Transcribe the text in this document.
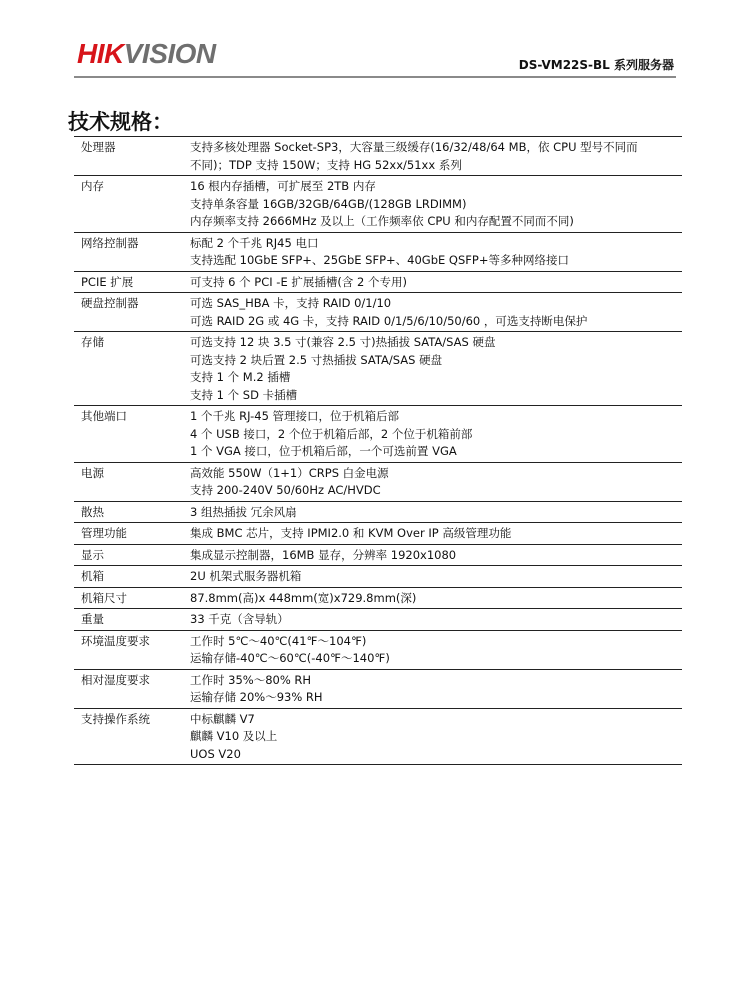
HIKVISION	DS-VM22S-BL 系列服务器
技术规格：
处理器	支持多核处理器 Socket-SP3，大容量三级缓存(16/32/48/64 MB，依 CPU 型号不同而
不同)；TDP 支持 150W；支持 HG 52xx/51xx 系列
内存	16 根内存插槽，可扩展至 2TB 内存
支持单条容量 16GB/32GB/64GB/(128GB LRDIMM)
内存频率支持 2666MHz 及以上（工作频率依 CPU 和内存配置不同而不同)
网络控制器	标配 2 个千兆 RJ45 电口
支持选配 10GbE SFP+、25GbE SFP+、40GbE QSFP+等多种网络接口
PCIE 扩展	可支持 6 个 PCI -E 扩展插槽(含 2 个专用)
硬盘控制器	可选 SAS_HBA 卡，支持 RAID 0/1/10
可选 RAID 2G 或 4G 卡，支持 RAID 0/1/5/6/10/50/60 ，可选支持断电保护
存储	可选支持 12 块 3.5 寸(兼容 2.5 寸)热插拔 SATA/SAS 硬盘
可选支持 2 块后置 2.5 寸热插拔 SATA/SAS 硬盘
支持 1 个 M.2 插槽
支持 1 个 SD 卡插槽
其他端口	1 个千兆 RJ-45 管理接口，位于机箱后部
4 个 USB 接口，2 个位于机箱后部，2 个位于机箱前部
1 个 VGA 接口，位于机箱后部，一个可选前置 VGA
电源	高效能 550W（1+1）CRPS 白金电源
支持 200-240V 50/60Hz AC/HVDC
散热	3 组热插拔 冗余风扇
管理功能	集成 BMC 芯片，支持 IPMI2.0 和 KVM Over IP 高级管理功能
显示	集成显示控制器，16MB 显存，分辨率 1920x1080
机箱	2U 机架式服务器机箱
机箱尺寸	87.8mm(高)x 448mm(宽)x729.8mm(深)
重量	33 千克（含导轨）
环境温度要求	工作时 5℃～40℃(41℉～104℉)
运输存储-40℃～60℃(-40℉～140℉)
相对湿度要求	工作时 35%～80% RH
运输存储 20%～93% RH
支持操作系统	中标麒麟 V7
麒麟 V10 及以上
UOS V20
